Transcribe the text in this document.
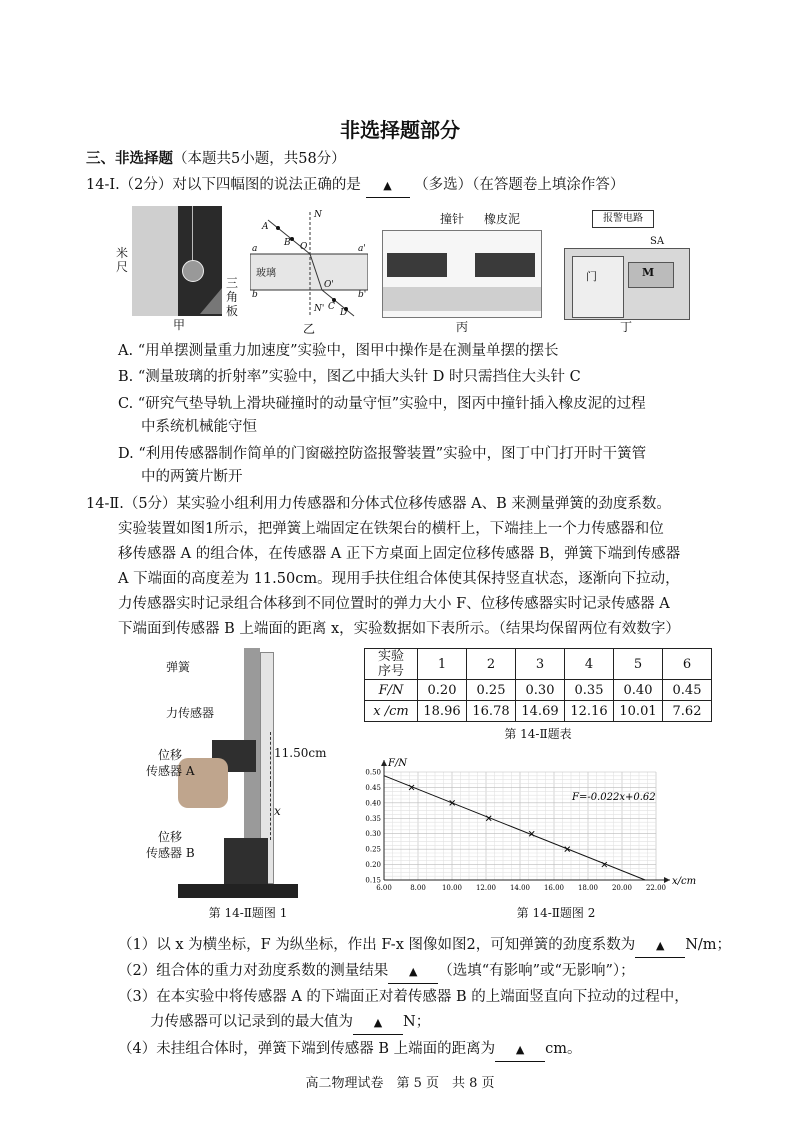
非选择题部分
三、非选择题（本题共5小题，共58分）
14-Ⅰ.（2分）对以下四幅图的说法正确的是 ▲ （多选）（在答题卷上填涂作答）
米尺
三角板
甲
玻璃
N
N'
A
B
C
D
O
O'
a	a'
b	b'
乙
撞针 橡皮泥
丙
报警电路
SA
门	M
丁
A. “用单摆测量重力加速度”实验中，图甲中操作是在测量单摆的摆长
B. “测量玻璃的折射率”实验中，图乙中插大头针 D 时只需挡住大头针 C
C. “研究气垫导轨上滑块碰撞时的动量守恒”实验中，图丙中撞针插入橡皮泥的过程
中系统机械能守恒
D. “利用传感器制作简单的门窗磁控防盗报警装置”实验中，图丁中门打开时干簧管
中的两簧片断开
14-Ⅱ.（5分）某实验小组利用力传感器和分体式位移传感器 A、B 来测量弹簧的劲度系数。
实验装置如图1所示，把弹簧上端固定在铁架台的横杆上，下端挂上一个力传感器和位
移传感器 A 的组合体，在传感器 A 正下方桌面上固定位移传感器 B，弹簧下端到传感器
A 下端面的高度差为 11.50cm。现用手扶住组合体使其保持竖直状态，逐渐向下拉动，
力传感器实时记录组合体移到不同位置时的弹力大小 F、位移传感器实时记录传感器 A
下端面到传感器 B 上端面的距离 x，实验数据如下表所示。（结果均保留两位有效数字）
弹簧
力传感器
位移
传感器 A
11.50cm
x
位移
传感器 B
第 14-Ⅱ题图 1
实验
序号	1	2	3	4	5	6
F/N	0.20	0.25	0.30	0.35	0.40	0.45
x /cm	18.96	16.78	14.69	12.16	10.01	7.62
第 14-Ⅱ题表
6.00	8.00 10.00 12.00 14.00 16.00 18.00 20.00 22.00
0.15
0.20
0.25
0.30
0.35
0.40
0.45
0.50
F/N
x/cm
F=-0.022x+0.62
第 14-Ⅱ题图 2
（1）以 x 为横坐标，F 为纵坐标，作出 F-x 图像如图2，可知弹簧的劲度系数为 ▲ N/m；
（2）组合体的重力对劲度系数的测量结果 ▲ （选填“有影响”或“无影响”）；
（3）在本实验中将传感器 A 的下端面正对着传感器 B 的上端面竖直向下拉动的过程中，
力传感器可以记录到的最大值为 ▲ N；
（4）未挂组合体时，弹簧下端到传感器 B 上端面的距离为 ▲ cm。
高二物理试卷　第 5 页　共 8 页
